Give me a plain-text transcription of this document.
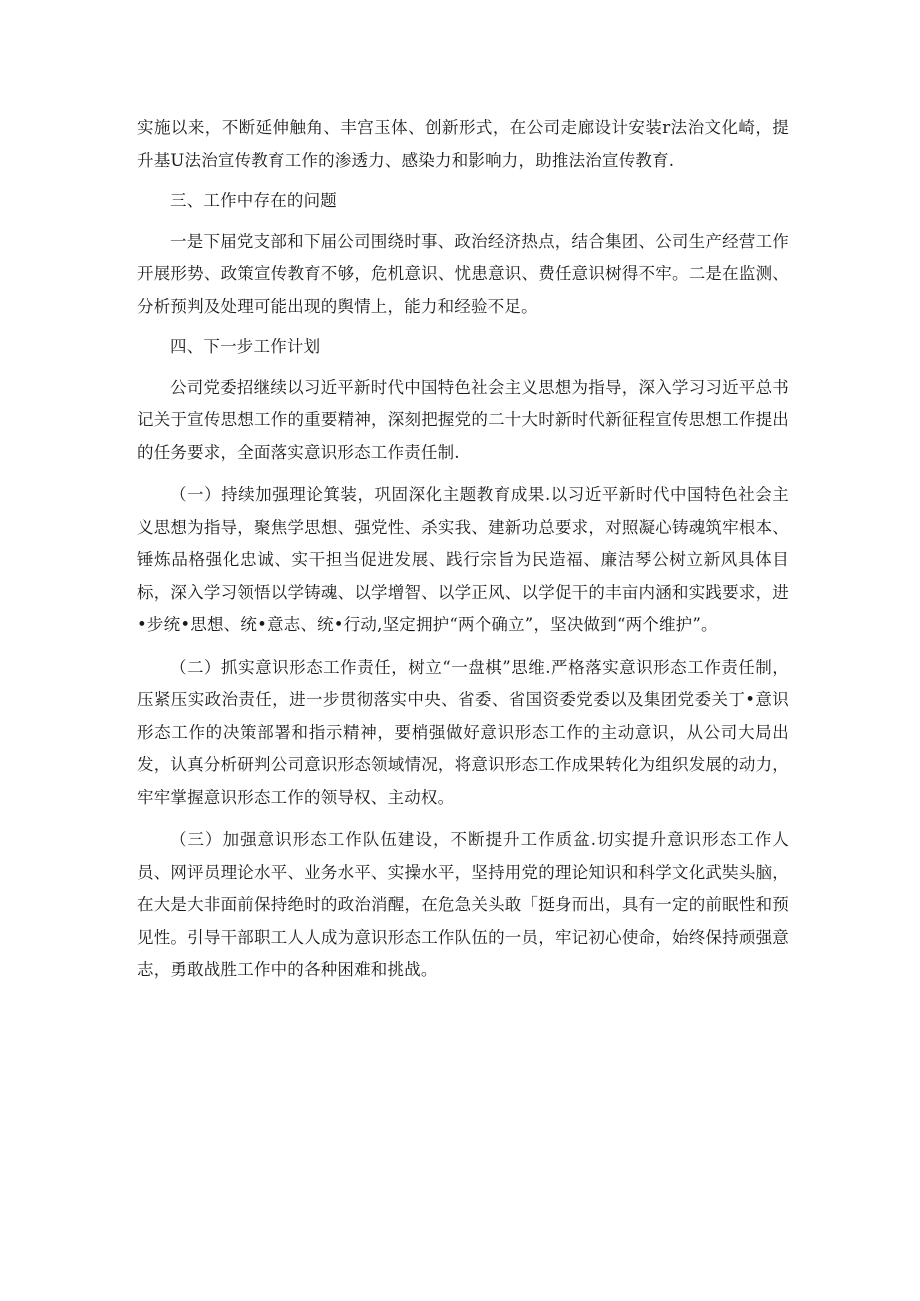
实施以来，不断延伸触角、丰宫玉体、创新形式，在公司走廊设计安装r法治文化崎，提升基U法治宣传教育工作的渗透力、感染力和影响力，助推法治宣传教育.

三、工作中存在的问题

一是下届党支部和下届公司围绕时事、政治经济热点，结合集团、公司生产经营工作开展形势、政策宣传教育不够，危机意识、忧患意识、费任意识树得不牢。二是在监测、分析预判及处理可能出现的舆情上，能力和经验不足。

四、下一步工作计划

公司党委招继续以习近平新时代中国特色社会主义思想为指导，深入学习习近平总书记关于宣传思想工作的重要精神，深刻把握党的二十大时新时代新征程宣传思想工作提出的任务要求，全面落实意识形态工作责任制.

（一）持续加强理论箕装，巩固深化主题教育成果.以习近平新时代中国特色社会主义思想为指导，聚焦学思想、强党性、杀实我、建新功总要求，对照凝心铸魂筑牢根本、锤炼品格强化忠诚、实干担当促进发展、践行宗旨为民造福、廉洁琴公树立新风具体目标，深入学习领悟以学铸魂、以学增智、以学正风、以学促干的丰亩内涵和实践要求，进•步统•思想、统•意志、统•行动,坚定拥护“两个确立”，坚决做到“两个维护”。

（二）抓实意识形态工作责任，树立“一盘棋”思维.严格落实意识形态工作责任制，压紧压实政治责任，进一步贯彻落实中央、省委、省国资委党委以及集团党委关丁•意识形态工作的决策部署和指示精神，要梢强做好意识形态工作的主动意识，从公司大局出发，认真分析研判公司意识形态领域情况，将意识形态工作成果转化为组织发展的动力，牢牢掌握意识形态工作的领导权、主动权。

（三）加强意识形态工作队伍建设，不断提升工作质盆.切实提升意识形态工作人员、网评员理论水平、业务水平、实操水平，坚持用党的理论知识和科学文化武奘头脑，在大是大非面前保持绝时的政治消醒，在危急关头敢「挺身而出，具有一定的前眠性和预见性。引导干部职工人人成为意识形态工作队伍的一员，牢记初心使命，始终保持顽强意志，勇敢战胜工作中的各种困难和挑战。
